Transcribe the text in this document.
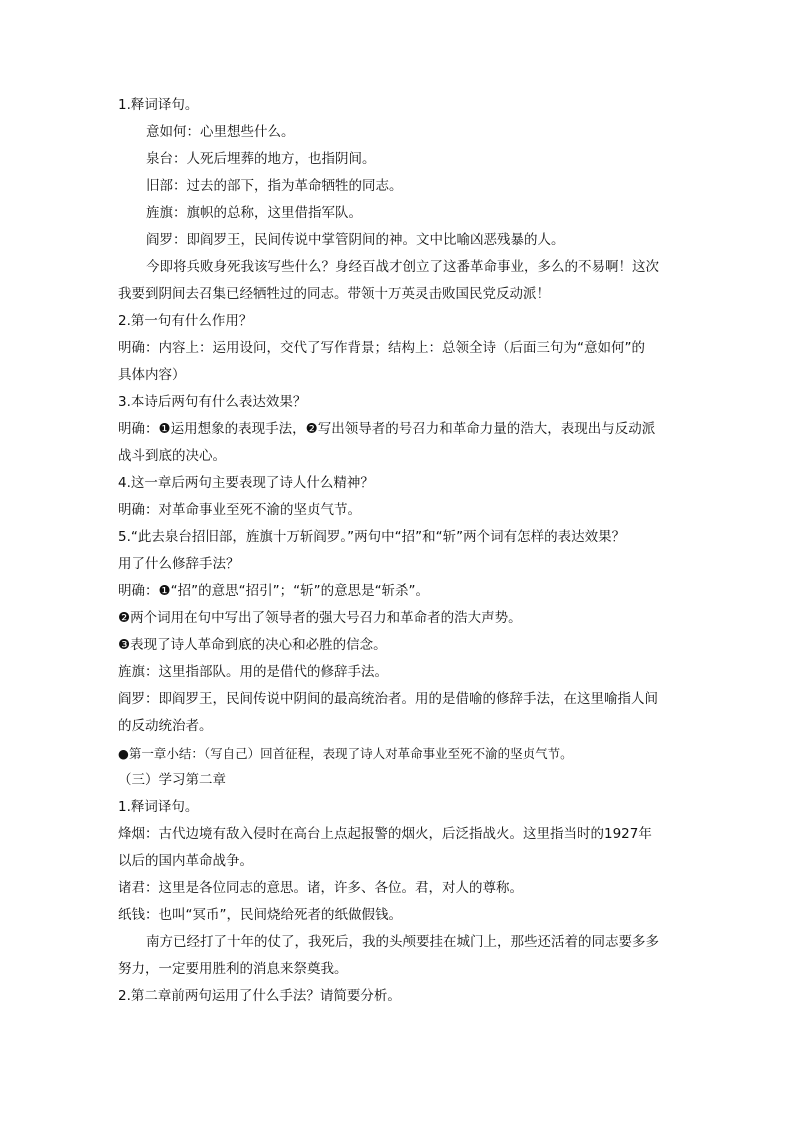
1.释词译句。
意如何：心里想些什么。
泉台：人死后埋葬的地方，也指阴间。
旧部：过去的部下，指为革命牺牲的同志。
旌旗：旗帜的总称，这里借指军队。
阎罗：即阎罗王，民间传说中掌管阴间的神。文中比喻凶恶残暴的人。
今即将兵败身死我该写些什么？身经百战才创立了这番革命事业，多么的不易啊！这次
我要到阴间去召集已经牺牲过的同志。带领十万英灵击败国民党反动派！
2.第一句有什么作用？
明确：内容上：运用设问，交代了写作背景；结构上：总领全诗（后面三句为“意如何”的
具体内容）
3.本诗后两句有什么表达效果？
明确：❶运用想象的表现手法，❷写出领导者的号召力和革命力量的浩大，表现出与反动派
战斗到底的决心。
4.这一章后两句主要表现了诗人什么精神？
明确：对革命事业至死不渝的坚贞气节。
5.“此去泉台招旧部，旌旗十万斩阎罗。”两句中“招”和“斩”两个词有怎样的表达效果？
用了什么修辞手法？
明确：❶“招”的意思“招引”；“斩”的意思是“斩杀”。
❷两个词用在句中写出了领导者的强大号召力和革命者的浩大声势。
❸表现了诗人革命到底的决心和必胜的信念。
旌旗：这里指部队。用的是借代的修辞手法。
阎罗：即阎罗王，民间传说中阴间的最高统治者。用的是借喻的修辞手法，在这里喻指人间
的反动统治者。
●第一章小结：（写自己）回首征程，表现了诗人对革命事业至死不渝的坚贞气节。
（三）学习第二章
1.释词译句。
烽烟：古代边境有敌入侵时在高台上点起报警的烟火，后泛指战火。这里指当时的1927年
以后的国内革命战争。
诸君：这里是各位同志的意思。诸，许多、各位。君，对人的尊称。
纸钱：也叫“冥币”，民间烧给死者的纸做假钱。
南方已经打了十年的仗了，我死后，我的头颅要挂在城门上，那些还活着的同志要多多
努力，一定要用胜利的消息来祭奠我。
2.第二章前两句运用了什么手法？请简要分析。
